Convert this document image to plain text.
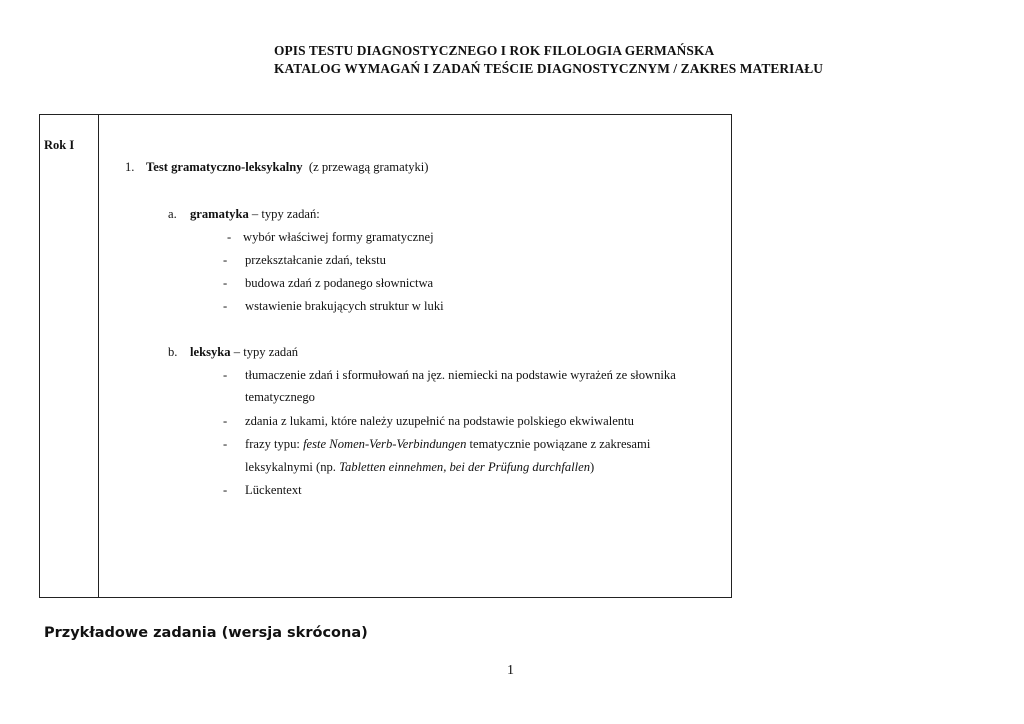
OPIS TESTU DIAGNOSTYCZNEGO I ROK FILOLOGIA GERMAŃSKA
KATALOG WYMAGAŃ I ZADAŃ TEŚCIE DIAGNOSTYCZNYM / ZAKRES MATERIAŁU
Rok I
1. Test gramatyczno-leksykalny (z przewagą gramatyki)
a. gramatyka – typy zadań:
- wybór właściwej formy gramatycznej
- przekształcanie zdań, tekstu
- budowa zdań z podanego słownictwa
- wstawienie brakujących struktur w luki
b. leksyka – typy zadań
- tłumaczenie zdań i sformułowań na jęz. niemiecki na podstawie wyrażeń ze słownika
tematycznego
- zdania z lukami, które należy uzupełnić na podstawie polskiego ekwiwalentu
- frazy typu: feste Nomen-Verb-Verbindungen tematycznie powiązane z zakresami
leksykalnymi (np. Tabletten einnehmen, bei der Prüfung durchfallen)
- Lückentext
Przykładowe zadania (wersja skrócona)
1
